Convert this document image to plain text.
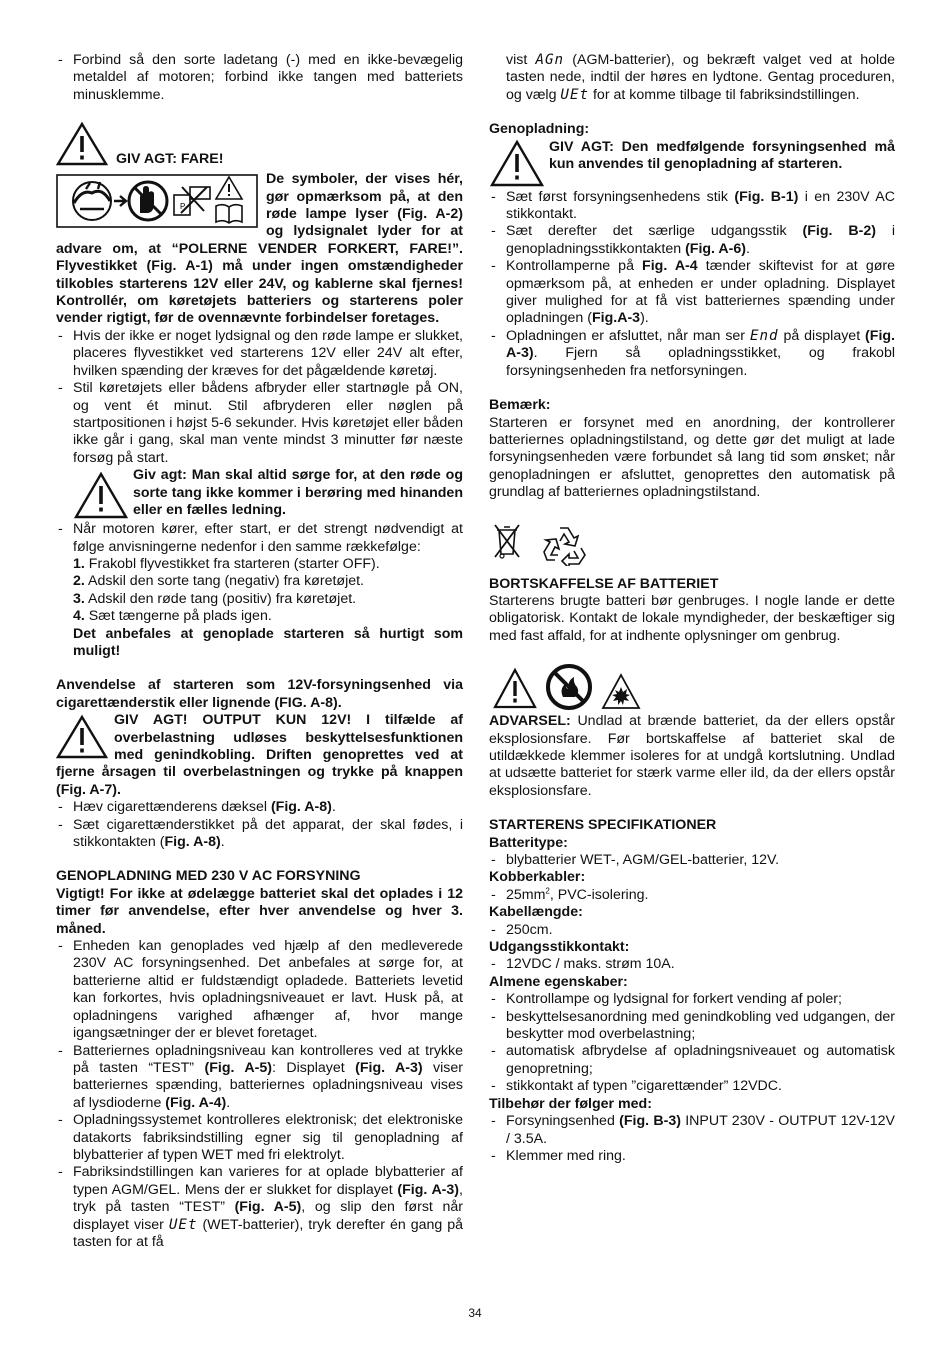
- Forbind så den sorte ladetang (-) med en ikke-bevægelig metaldel af motoren; forbind ikke tangen med batteriets minusklemme.

GIV AGT: FARE!

P

De symboler, der vises hér, gør opmærksom på, at den røde lampe lyser (Fig. A-2) og lydsignalet lyder for at advare om, at “POLERNE VENDER FORKERT, FARE!”. Flyvestikket (Fig. A-1) må under ingen omstændigheder tilkobles starterens 12V eller 24V, og kablerne skal fjernes! Kontrollér, om køretøjets batteriers og starterens poler vender rigtigt, før de ovennævnte forbindelser foretages.

- Hvis der ikke er noget lydsignal og den røde lampe er slukket, placeres flyvestikket ved starterens 12V eller 24V alt efter, hvilken spænding der kræves for det pågældende køretøj.

- Stil køretøjets eller bådens afbryder eller startnøgle på ON, og vent ét minut. Stil afbryderen eller nøglen på startpositionen i højst 5-6 sekunder. Hvis køretøjet eller båden ikke går i gang, skal man vente mindst 3 minutter før næste forsøg på start.

Giv agt: Man skal altid sørge for, at den røde og sorte tang ikke kommer i berøring med hinanden eller en fælles ledning.

- Når motoren kører, efter start, er det strengt nødvendigt at følge anvisningerne nedenfor i den samme rækkefølge:

1. Frakobl flyvestikket fra starteren (starter OFF).

2. Adskil den sorte tang (negativ) fra køretøjet.

3. Adskil den røde tang (positiv) fra køretøjet.

4. Sæt tængerne på plads igen.

Det anbefales at genoplade starteren så hurtigt som muligt!

Anvendelse af starteren som 12V-forsyningsenhed via cigarettænderstik eller lignende (FIG. A-8).

GIV AGT! OUTPUT KUN 12V! I tilfælde af overbelastning udløses beskyttelsesfunktionen med genindkobling. Driften genoprettes ved at fjerne årsagen til overbelastningen og trykke på knappen (Fig. A-7).

- Hæv cigarettænderens dæksel (Fig. A-8).

- Sæt cigarettænderstikket på det apparat, der skal fødes, i stikkontakten (Fig. A-8).

GENOPLADNING MED 230 V AC FORSYNING

Vigtigt! For ikke at ødelægge batteriet skal det oplades i 12 timer før anvendelse, efter hver anvendelse og hver 3. måned.

- Enheden kan genoplades ved hjælp af den medleverede 230V AC forsyningsenhed. Det anbefales at sørge for, at batterierne altid er fuldstændigt opladede. Batteriets levetid kan forkortes, hvis opladningsniveauet er lavt. Husk på, at opladningens varighed afhænger af, hvor mange igangsætninger der er blevet foretaget.

- Batteriernes opladningsniveau kan kontrolleres ved at trykke på tasten “TEST” (Fig. A-5): Displayet (Fig. A-3) viser batteriernes spænding, batteriernes opladningsniveau vises af lysdioderne (Fig. A-4).

- Opladningssystemet kontrolleres elektronisk; det elektroniske datakorts fabriksindstilling egner sig til genopladning af blybatterier af typen WET med fri elektrolyt.

- Fabriksindstillingen kan varieres for at oplade blybatterier af typen AGM/GEL. Mens der er slukket for displayet (Fig. A-3), tryk på tasten “TEST” (Fig. A-5), og slip den først når displayet viser UEt (WET-batterier), tryk derefter én gang på tasten for at få

vist AGn (AGM-batterier), og bekræft valget ved at holde tasten nede, indtil der høres en lydtone. Gentag proceduren, og vælg UEt for at komme tilbage til fabriksindstillingen.

Genopladning:

GIV AGT: Den medfølgende forsyningsenhed må kun anvendes til genopladning af starteren.

- Sæt først forsyningsenhedens stik (Fig. B-1) i en 230V AC stikkontakt.

- Sæt derefter det særlige udgangsstik (Fig. B-2) i genopladningsstikkontakten (Fig. A-6).

- Kontrollamperne på Fig. A-4 tænder skiftevist for at gøre opmærksom på, at enheden er under opladning. Displayet giver mulighed for at få vist batteriernes spænding under opladningen (Fig.A-3).

- Opladningen er afsluttet, når man ser End på displayet (Fig. A-3). Fjern så opladningsstikket, og frakobl forsyningsenheden fra netforsyningen.

Bemærk:

Starteren er forsynet med en anordning, der kontrollerer batteriernes opladningstilstand, og dette gør det muligt at lade forsyningsenheden være forbundet så lang tid som ønsket; når genopladningen er afsluttet, genoprettes den automatisk på grundlag af batteriernes opladningstilstand.

BORTSKAFFELSE AF BATTERIET

Starterens brugte batteri bør genbruges. I nogle lande er dette obligatorisk. Kontakt de lokale myndigheder, der beskæftiger sig med fast affald, for at indhente oplysninger om genbrug.

ADVARSEL: Undlad at brænde batteriet, da der ellers opstår eksplosionsfare. Før bortskaffelse af batteriet skal de utildækkede klemmer isoleres for at undgå kortslutning. Undlad at udsætte batteriet for stærk varme eller ild, da der ellers opstår eksplosionsfare.

STARTERENS SPECIFIKATIONER

Batteritype:

- blybatterier WET-, AGM/GEL-batterier, 12V.

Kobberkabler:

- $25mm^2$, PVC-isolering.

Kabellængde:

- 250cm.

Udgangsstikkontakt:

- 12VDC / maks. strøm 10A.

Almene egenskaber:

- Kontrollampe og lydsignal for forkert vending af poler;

- beskyttelsesanordning med genindkobling ved udgangen, der beskytter mod overbelastning;

- automatisk afbrydelse af opladningsniveauet og automatisk genopretning;

- stikkontakt af typen ”cigarettænder” 12VDC.

Tilbehør der følger med:

- Forsyningsenhed (Fig. B-3) INPUT 230V - OUTPUT 12V-12V / 3.5A.

- Klemmer med ring.

34
